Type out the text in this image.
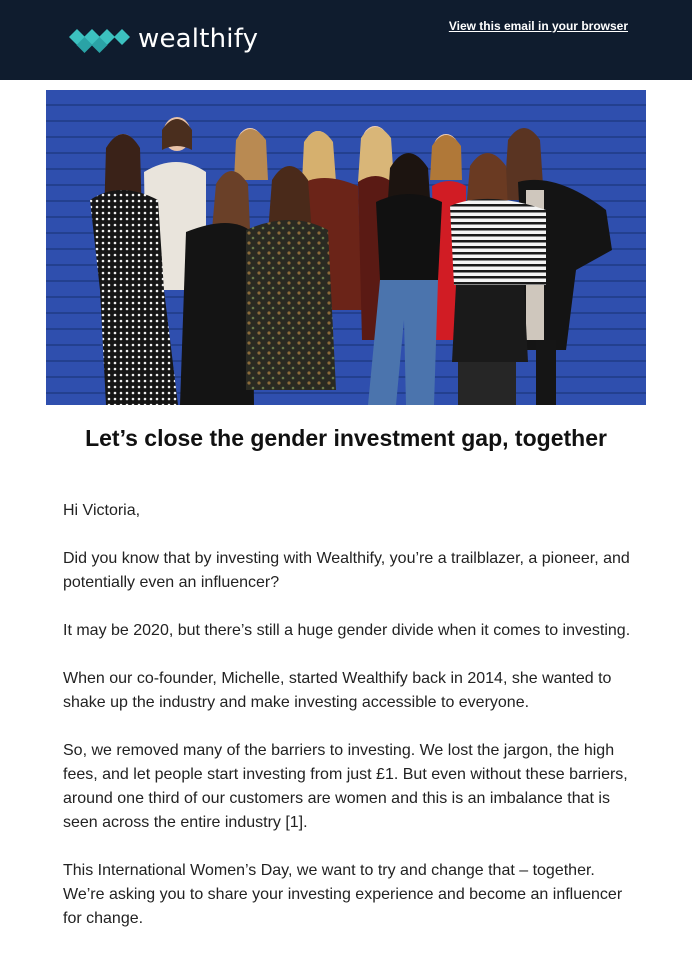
wealthify	View this email in your browser
Let’s close the gender investment gap, together

Hi Victoria,

Did you know that by investing with Wealthify, you’re a trailblazer, a pioneer, and potentially even an influencer?

It may be 2020, but there’s still a huge gender divide when it comes to investing.

When our co-founder, Michelle, started Wealthify back in 2014, she wanted to shake up the industry and make investing accessible to everyone.

So, we removed many of the barriers to investing. We lost the jargon, the high fees, and let people start investing from just £1. But even without these barriers, around one third of our customers are women and this is an imbalance that is seen across the entire industry [1].

This International Women’s Day, we want to try and change that – together. We’re asking you to share your investing experience and become an influencer for change.
